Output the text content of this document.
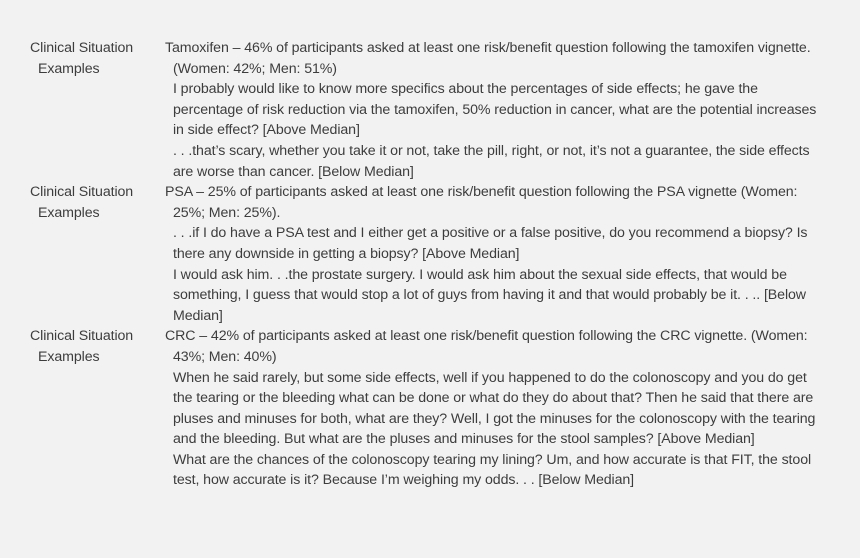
Clinical Situation
Examples
Tamoxifen – 46% of participants asked at least one risk/benefit question following the tamoxifen vignette.
(Women: 42%; Men: 51%)
I probably would like to know more specifics about the percentages of side effects; he gave the
percentage of risk reduction via the tamoxifen, 50% reduction in cancer, what are the potential increases
in side effect? [Above Median]
. . .that’s scary, whether you take it or not, take the pill, right, or not, it’s not a guarantee, the side effects
are worse than cancer. [Below Median]
Clinical Situation
Examples
PSA – 25% of participants asked at least one risk/benefit question following the PSA vignette (Women:
25%; Men: 25%).
. . .if I do have a PSA test and I either get a positive or a false positive, do you recommend a biopsy? Is
there any downside in getting a biopsy? [Above Median]
I would ask him. . .the prostate surgery. I would ask him about the sexual side effects, that would be
something, I guess that would stop a lot of guys from having it and that would probably be it. . .. [Below
Median]
Clinical Situation
Examples
CRC – 42% of participants asked at least one risk/benefit question following the CRC vignette. (Women:
43%; Men: 40%)
When he said rarely, but some side effects, well if you happened to do the colonoscopy and you do get
the tearing or the bleeding what can be done or what do they do about that? Then he said that there are
pluses and minuses for both, what are they? Well, I got the minuses for the colonoscopy with the tearing
and the bleeding. But what are the pluses and minuses for the stool samples? [Above Median]
What are the chances of the colonoscopy tearing my lining? Um, and how accurate is that FIT, the stool
test, how accurate is it? Because I’m weighing my odds. . . [Below Median]
